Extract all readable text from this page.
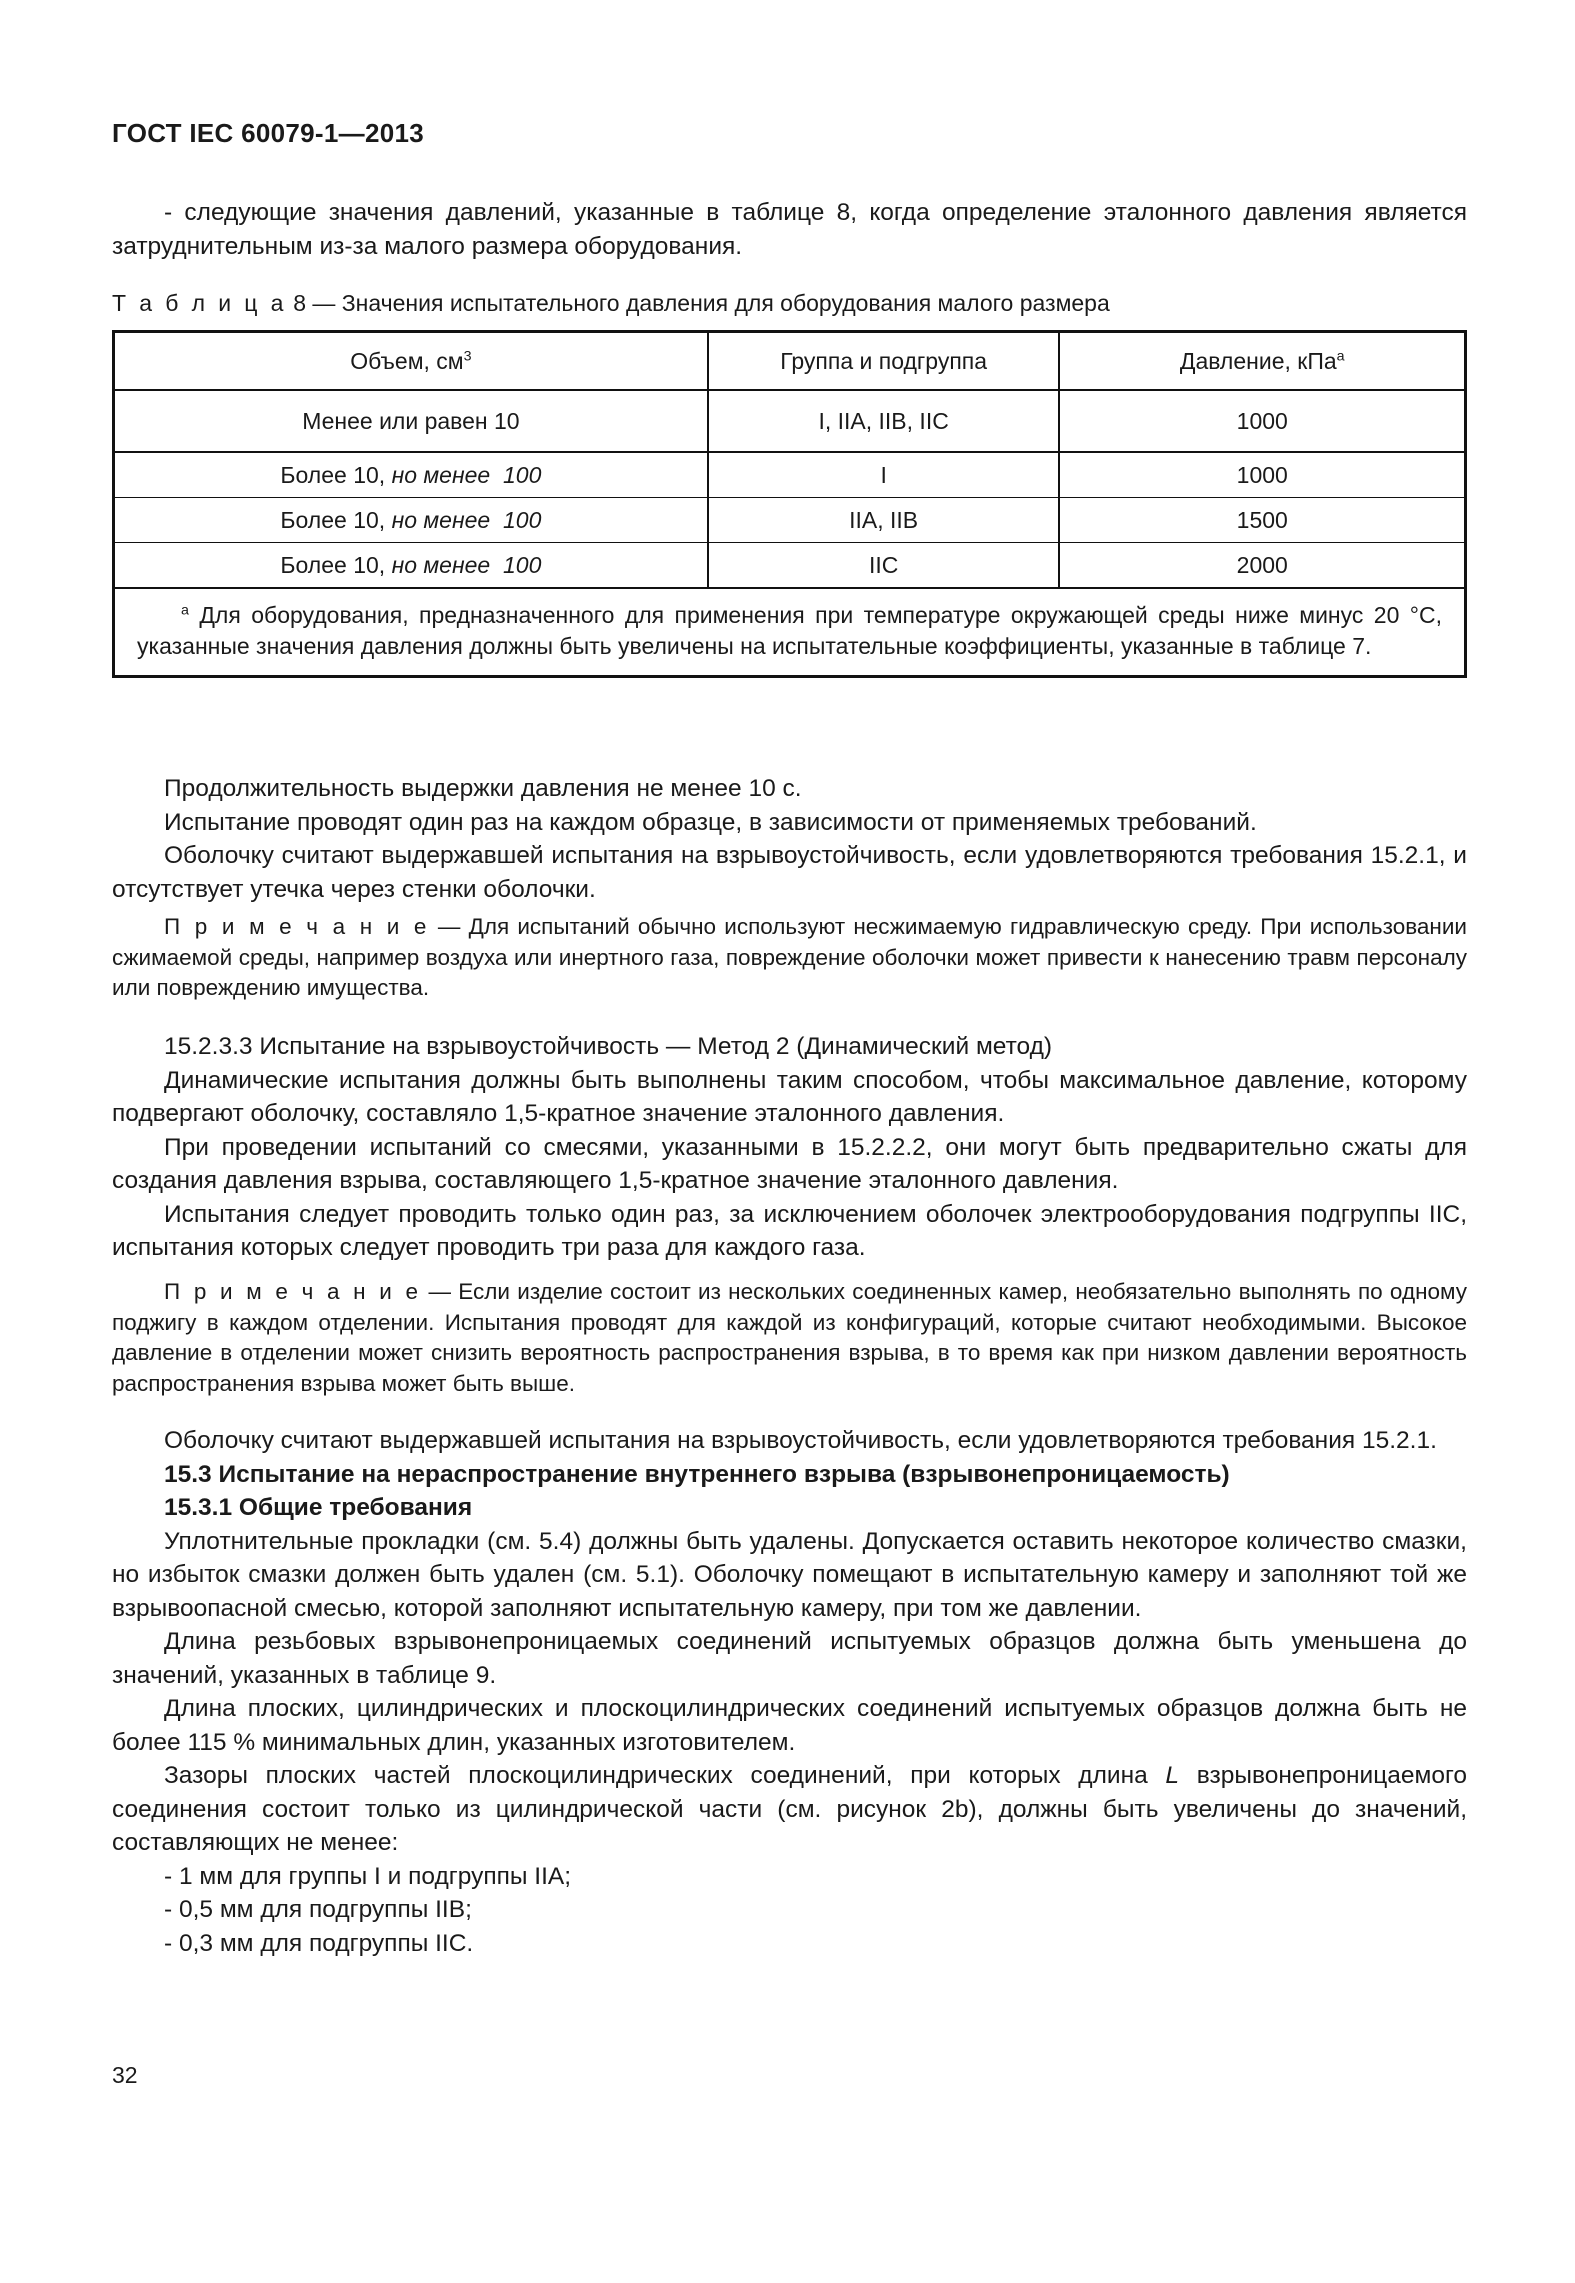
ГОСТ IEC 60079-1—2013

- следующие значения давлений, указанные в таблице 8, когда определение эталонного давления является затруднительным из-за малого размера оборудования.

Т а б л и ц а 8 — Значения испытательного давления для оборудования малого размера
Объем, $см^3$	Группа и подгруппа	Давление, кПа$^a$
Менее или равен 10	I, IIA, IIB, IIC	1000
Более 10, но менее 100	I	1000
Более 10, но менее 100	IIA, IIB	1500
Более 10, но менее 100	IIC	2000

$^a$ Для оборудования, предназначенного для применения при температуре окружающей среды ниже минус 20 °C, указанные значения давления должны быть увеличены на испытательные коэффициенты, указанные в таблице 7.

Продолжительность выдержки давления не менее 10 с.

Испытание проводят один раз на каждом образце, в зависимости от применяемых требований.

Оболочку считают выдержавшей испытания на взрывоустойчивость, если удовлетворяются требования 15.2.1, и отсутствует утечка через стенки оболочки.

П р и м е ч а н и е — Для испытаний обычно используют несжимаемую гидравлическую среду. При использовании сжимаемой среды, например воздуха или инертного газа, повреждение оболочки может привести к нанесению травм персоналу или повреждению имущества.

15.2.3.3 Испытание на взрывоустойчивость — Метод 2 (Динамический метод)

Динамические испытания должны быть выполнены таким способом, чтобы максимальное давление, которому подвергают оболочку, составляло 1,5-кратное значение эталонного давления.

При проведении испытаний со смесями, указанными в 15.2.2.2, они могут быть предварительно сжаты для создания давления взрыва, составляющего 1,5-кратное значение эталонного давления.

Испытания следует проводить только один раз, за исключением оболочек электрооборудования подгруппы IIC, испытания которых следует проводить три раза для каждого газа.

П р и м е ч а н и е — Если изделие состоит из нескольких соединенных камер, необязательно выполнять по одному поджигу в каждом отделении. Испытания проводят для каждой из конфигураций, которые считают необходимыми. Высокое давление в отделении может снизить вероятность распространения взрыва, в то время как при низком давлении вероятность распространения взрыва может быть выше.

Оболочку считают выдержавшей испытания на взрывоустойчивость, если удовлетворяются требования 15.2.1.

15.3 Испытание на нераспространение внутреннего взрыва (взрывонепроницаемость)

15.3.1 Общие требования

Уплотнительные прокладки (см. 5.4) должны быть удалены. Допускается оставить некоторое количество смазки, но избыток смазки должен быть удален (см. 5.1). Оболочку помещают в испытательную камеру и заполняют той же взрывоопасной смесью, которой заполняют испытательную камеру, при том же давлении.

Длина резьбовых взрывонепроницаемых соединений испытуемых образцов должна быть уменьшена до значений, указанных в таблице 9.

Длина плоских, цилиндрических и плоскоцилиндрических соединений испытуемых образцов должна быть не более 115 % минимальных длин, указанных изготовителем.

Зазоры плоских частей плоскоцилиндрических соединений, при которых длина L взрывонепроницаемого соединения состоит только из цилиндрической части (см. рисунок 2b), должны быть увеличены до значений, составляющих не менее:

- 1 мм для группы I и подгруппы IIA;

- 0,5 мм для подгруппы IIB;

- 0,3 мм для подгруппы IIC.

32
